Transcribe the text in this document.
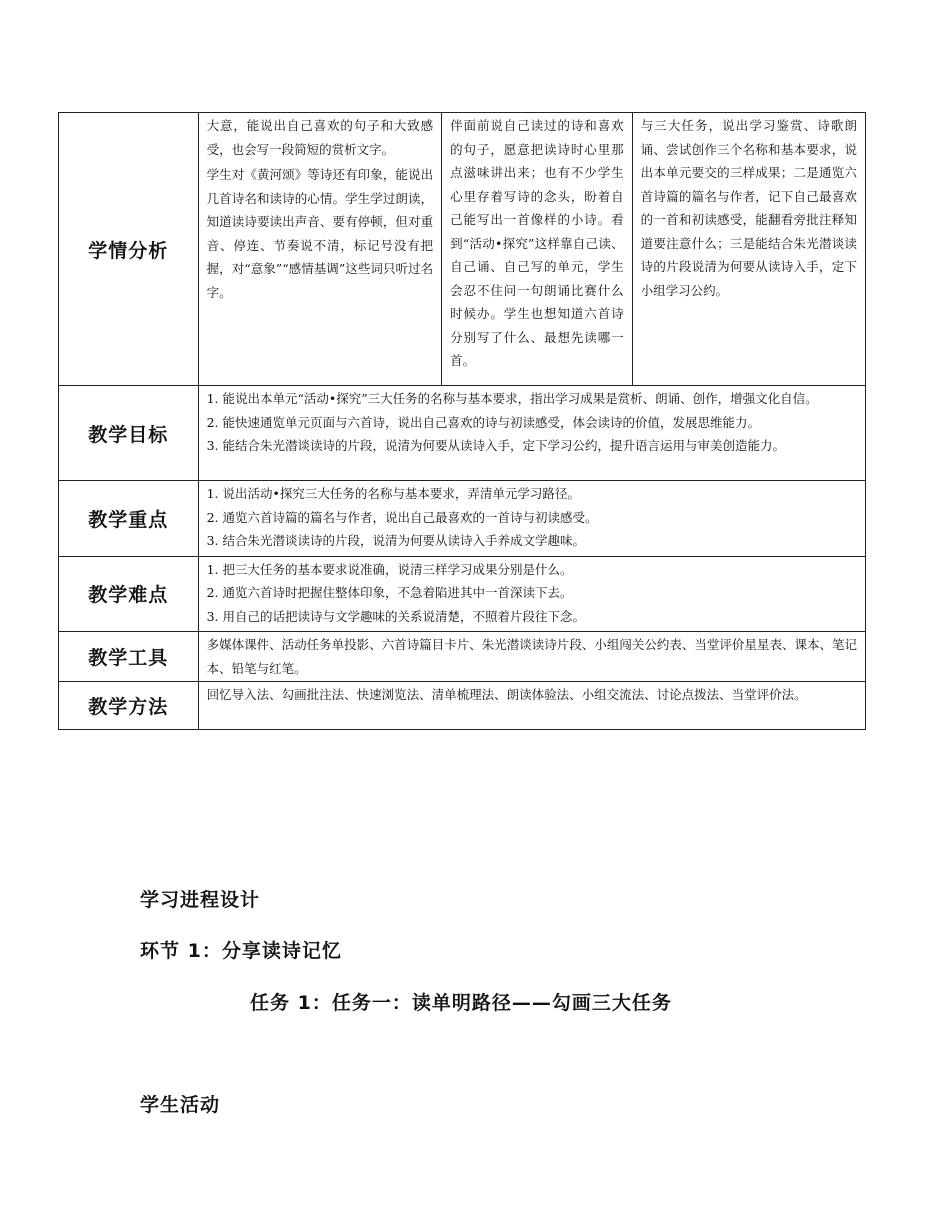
学情分析	大意，能说出自己喜欢的句子和大致感受，也会写一段简短的赏析文字。
学生对《黄河颂》等诗还有印象，能说出几首诗名和读诗的心情。学生学过朗读，知道读诗要读出声音、要有停顿，但对重音、停连、节奏说不清，标记号没有把握，对“意象”“感情基调”这些词只听过名字。	伴面前说自己读过的诗和喜欢的句子，愿意把读诗时心里那点滋味讲出来；也有不少学生心里存着写诗的念头，盼着自己能写出一首像样的小诗。看到“活动•探究”这样靠自己读、自己诵、自己写的单元，学生会忍不住问一句朗诵比赛什么时候办。学生也想知道六首诗分别写了什么、最想先读哪一首。	与三大任务，说出学习鉴赏、诗歌朗诵、尝试创作三个名称和基本要求，说出本单元要交的三样成果；二是通览六首诗篇的篇名与作者，记下自己最喜欢的一首和初读感受，能翻看旁批注释知道要注意什么；三是能结合朱光潜谈读诗的片段说清为何要从读诗入手，定下小组学习公约。

教学目标	1. 能说出本单元“活动•探究”三大任务的名称与基本要求，指出学习成果是赏析、朗诵、创作，增强文化自信。
2. 能快速通览单元页面与六首诗，说出自己喜欢的诗与初读感受，体会读诗的价值，发展思维能力。
3. 能结合朱光潜谈读诗的片段，说清为何要从读诗入手，定下学习公约，提升语言运用与审美创造能力。		

教学重点	1. 说出活动•探究三大任务的名称与基本要求，弄清单元学习路径。
2. 通览六首诗篇的篇名与作者，说出自己最喜欢的一首诗与初读感受。
3. 结合朱光潜谈读诗的片段，说清为何要从读诗入手养成文学趣味。		

教学难点	1. 把三大任务的基本要求说准确，说清三样学习成果分别是什么。
2. 通览六首诗时把握住整体印象，不急着陷进其中一首深读下去。
3. 用自己的话把读诗与文学趣味的关系说清楚，不照着片段往下念。		

教学工具	多媒体课件、活动任务单投影、六首诗篇目卡片、朱光潜谈读诗片段、小组闯关公约表、当堂评价星星表、课本、笔记本、铅笔与红笔。		

教学方法	回忆导入法、勾画批注法、快速浏览法、清单梳理法、朗读体验法、小组交流法、讨论点拨法、当堂评价法。		
学习进程设计
环节 1：分享读诗记忆
任务 1：任务一：读单明路径——勾画三大任务
学生活动
